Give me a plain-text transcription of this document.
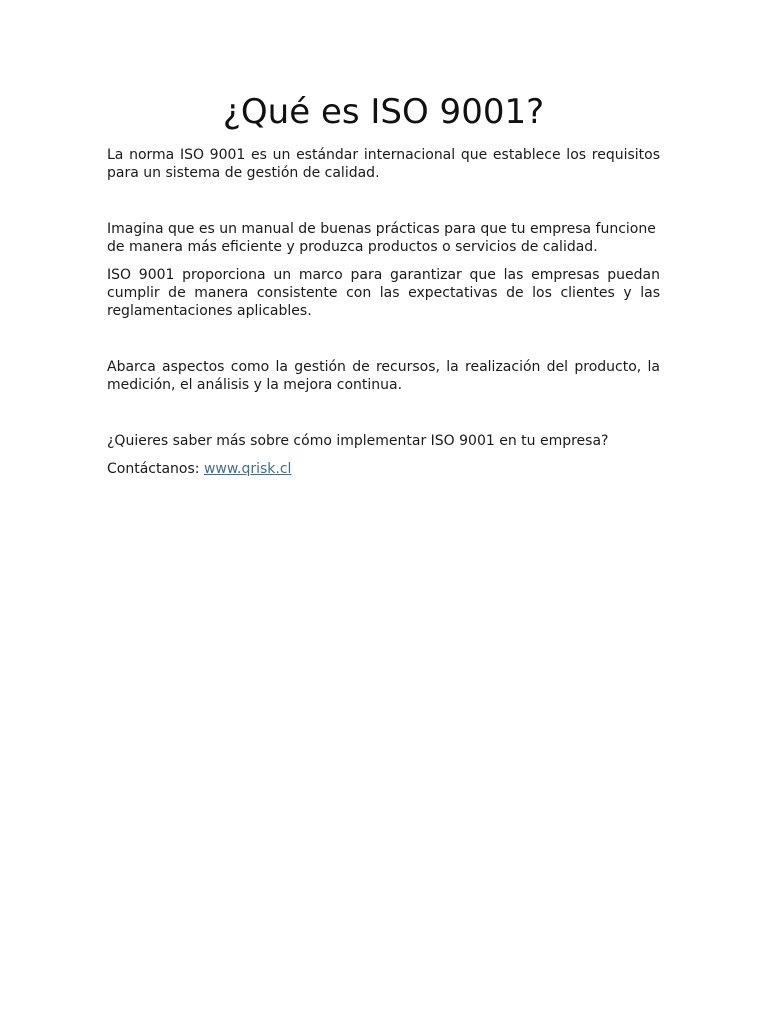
¿Qué es ISO 9001?

La norma ISO 9001 es un estándar internacional que establece los requisitos para un sistema de gestión de calidad.

Imagina que es un manual de buenas prácticas para que tu empresa funcione de manera más eficiente y produzca productos o servicios de calidad.

ISO 9001 proporciona un marco para garantizar que las empresas puedan cumplir de manera consistente con las expectativas de los clientes y las reglamentaciones aplicables.

Abarca aspectos como la gestión de recursos, la realización del producto, la medición, el análisis y la mejora continua.

¿Quieres saber más sobre cómo implementar ISO 9001 en tu empresa?

Contáctanos: www.qrisk.cl
